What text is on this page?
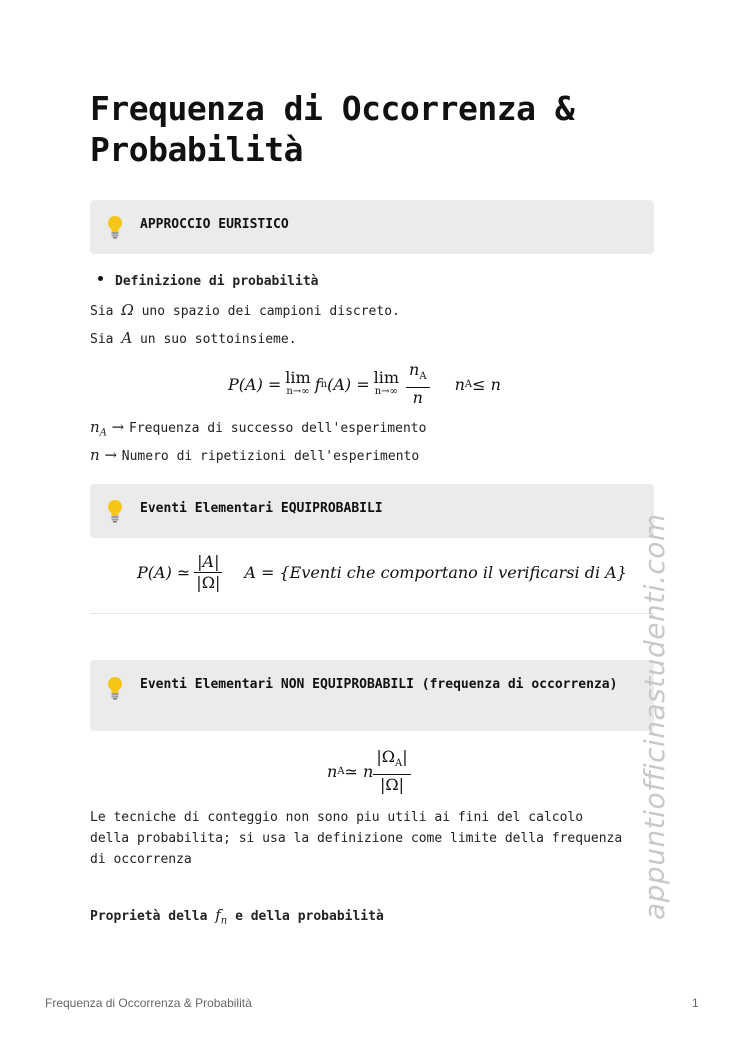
Frequenza di Occorrenza & Probabilità
APPROCCIO EURISTICO
Definizione di probabilità
Sia Ω uno spazio dei campioni discreto.
Sia A un suo sottoinsieme.
P(A) = lim
n→∞ f n (A) = lim
$n\to\infty \frac{n_A}{n}$ n A ≤ n
$n_A$ → Frequenza di successo dell'esperimento
n → Numero di ripetizioni dell'esperimento
Eventi Elementari EQUIPROBABILI
P(A) ≃ $\frac{|A|}{|\Omega|}$ A = {Eventi che comportano il verificarsi di A}
Eventi Elementari NON EQUIPROBABILI (frequenza di occorrenza)
n A ≃ n $\frac{|\Omega_A|}{|\Omega|}$
Le tecniche di conteggio non sono piu utili ai fini del calcolo della probabilita; si usa la definizione come limite della frequenza di occorrenza
Proprietà della $f_n$ e della probabilità	appuntiofficinastudenti.com
Frequenza di Occorrenza & Probabilità	1
